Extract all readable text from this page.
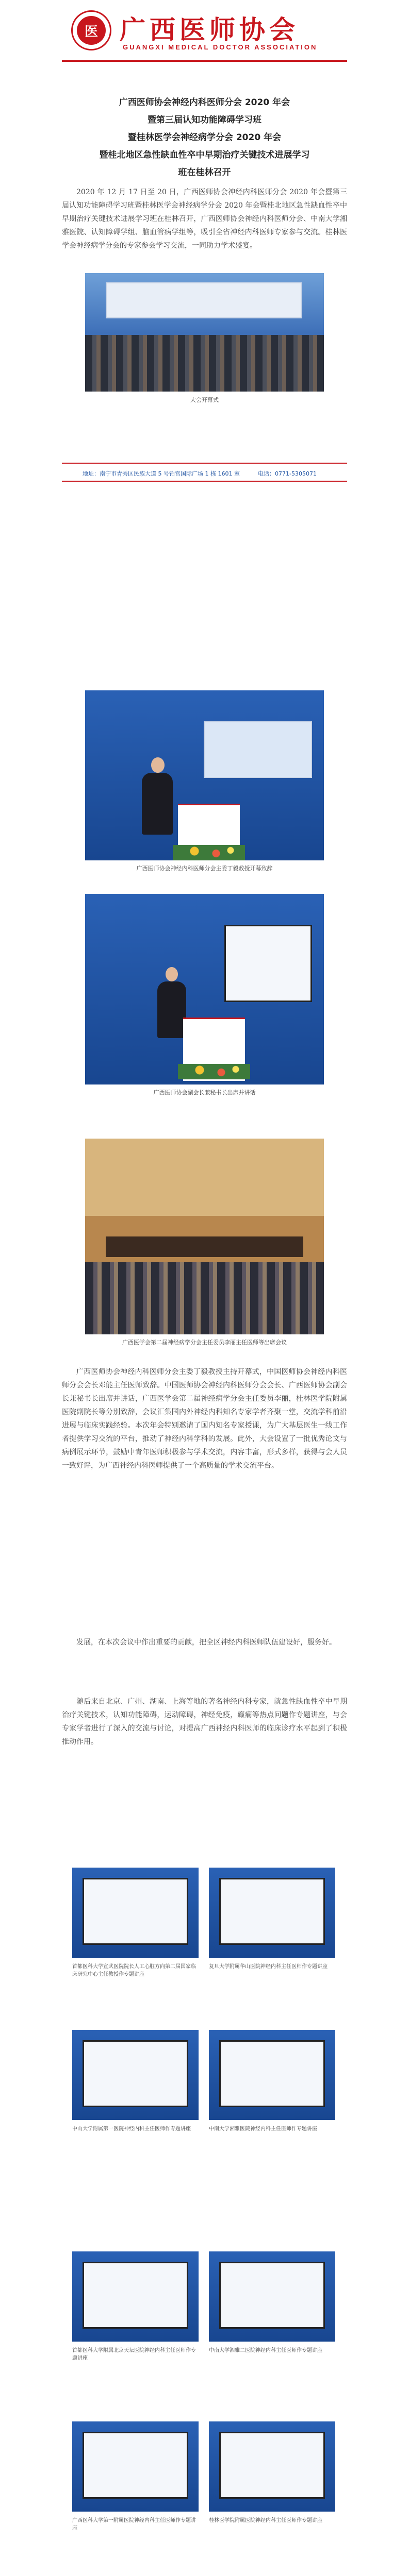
医 广西医师协会
GUANGXI MEDICAL DOCTOR ASSOCIATION
广西医师协会神经内科医师分会 2020 年会
暨第三届认知功能障碍学习班
暨桂林医学会神经病学分会 2020 年会
暨桂北地区急性缺血性卒中早期治疗关键技术进展学习
班在桂林召开
2020 年 12 月 17 日至 20 日，广西医师协会神经内科医师分会 2020 年会暨第三届认知功能障碍学习班暨桂林医学会神经病学分会 2020 年会暨桂北地区急性缺血性卒中早期治疗关键技术进展学习班在桂林召开，广西医师协会神经内科医师分会、中南大学湘雅医院、认知障碍学组、脑血管病学组等，吸引全省神经内科医师专家参与交流。桂林医学会神经病学分会的专家参会学习交流，一同助力学术盛宴。
大会开幕式
地址：南宁市青秀区民族大道 5 号铂宫国际广场 1 栋 1601 室	电话：0771-5305071
广西医师协会神经内科医师分会主委丁毅教授开幕致辞
广西医师协会副会长兼秘书长出席并讲话
广西医学会第二届神经病学分会主任委员李丽主任医师等出席会议
广西医师协会神经内科医师分会主委丁毅教授主持开幕式，中国医师协会神经内科医师分会会长邓能主任医师致辞。中国医师协会神经内科医师分会会长、广西医师协会副会长兼秘书长出席并讲话，广西医学会第二届神经病学分会主任委员李丽，桂林医学院附属医院副院长等分别致辞，会议汇集国内外神经内科知名专家学者齐聚一堂，交流学科前沿进展与临床实践经验。本次年会特别邀请了国内知名专家授课，为广大基层医生一线工作者提供学习交流的平台，推动了神经内科学科的发展。此外，大会设置了一批优秀论文与病例展示环节，鼓励中青年医师积极参与学术交流，内容丰富，形式多样，获得与会人员一致好评，为广西神经内科医师提供了一个高质量的学术交流平台。
发展，在本次会议中作出重要的贡献，把全区神经内科医师队伍建设好，服务好。
随后来自北京、广州、湖南、上海等地的著名神经内科专家，就急性缺血性卒中早期治疗关键技术，认知功能障碍，运动障碍，神经免疫，癫痫等热点问题作专题讲座，与会专家学者进行了深入的交流与讨论，对提高广西神经内科医师的临床诊疗水平起到了积极推动作用。
首都医科大学宣武医院院长人工心脏方向第二届国家临床研究中心主任教授作专题讲座
复旦大学附属华山医院神经内科主任医师作专题讲座
中山大学附属第一医院神经内科主任医师作专题讲座	中南大学湘雅医院神经内科主任医师作专题讲座
首都医科大学附属北京天坛医院神经内科主任医师作专题讲座
中南大学湘雅二医院神经内科主任医师作专题讲座
广西医科大学第一附属医院神经内科主任医师作专题讲座
桂林医学院附属医院神经内科主任医师作专题讲座
